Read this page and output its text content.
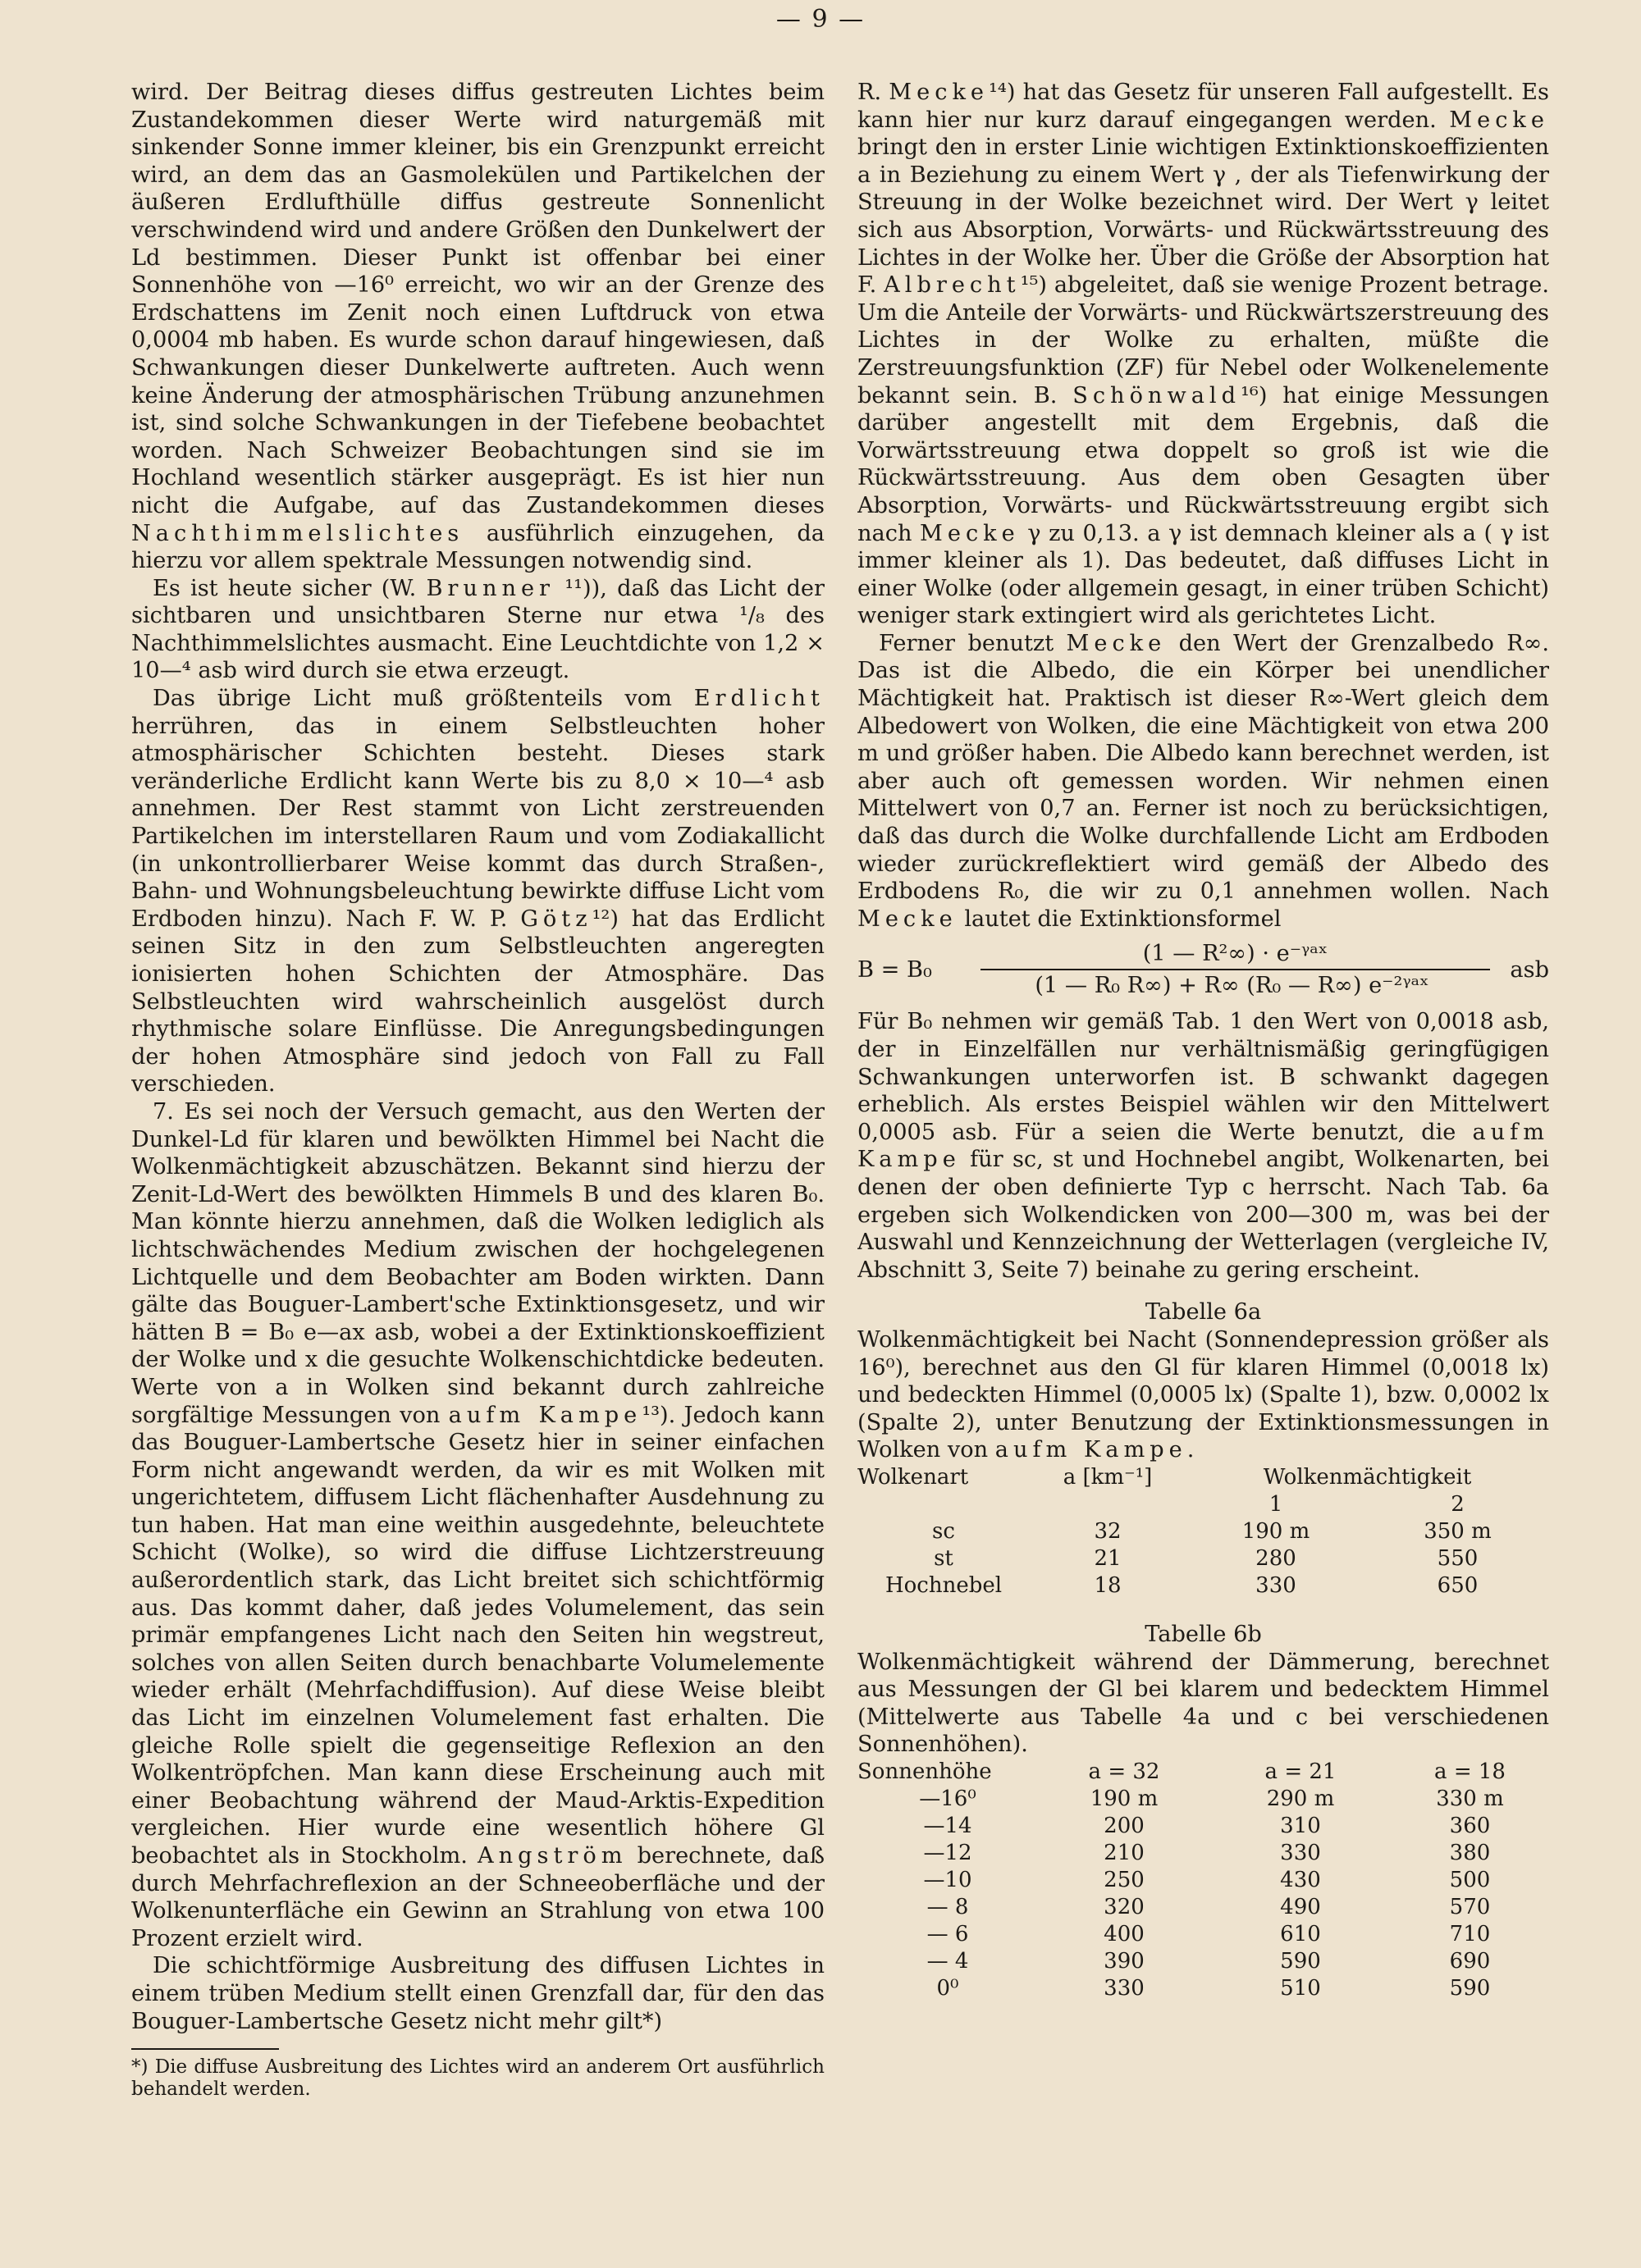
— 9 —

wird. Der Beitrag dieses diffus gestreuten Lichtes beim Zustandekommen dieser Werte wird naturgemäß mit sinkender Sonne immer kleiner, bis ein Grenzpunkt erreicht wird, an dem das an Gasmolekülen und Partikelchen der äußeren Erdlufthülle diffus gestreute Sonnenlicht verschwindend wird und andere Größen den Dunkelwert der Ld bestimmen. Dieser Punkt ist offenbar bei einer Sonnenhöhe von —16⁰ erreicht, wo wir an der Grenze des Erdschattens im Zenit noch einen Luftdruck von etwa 0,0004 mb haben. Es wurde schon darauf hingewiesen, daß Schwankungen dieser Dunkelwerte auftreten. Auch wenn keine Änderung der atmosphärischen Trübung anzunehmen ist, sind solche Schwankungen in der Tiefebene beobachtet worden. Nach Schweizer Beobachtungen sind sie im Hochland wesentlich stärker ausgeprägt. Es ist hier nun nicht die Aufgabe, auf das Zustandekommen dieses Nachthimmelslichtes ausführlich einzugehen, da hierzu vor allem spektrale Messungen notwendig sind.

Es ist heute sicher (W. Brunner ¹¹)), daß das Licht der sichtbaren und unsichtbaren Sterne nur etwa ¹/₈ des Nachthimmelslichtes ausmacht. Eine Leuchtdichte von 1,2 × 10—⁴ asb wird durch sie etwa erzeugt.

Das übrige Licht muß größtenteils vom Erdlicht herrühren, das in einem Selbstleuchten hoher atmosphärischer Schichten besteht. Dieses stark veränderliche Erdlicht kann Werte bis zu 8,0 × 10—⁴ asb annehmen. Der Rest stammt von Licht zerstreuenden Partikelchen im interstellaren Raum und vom Zodiakallicht (in unkontrollierbarer Weise kommt das durch Straßen-, Bahn- und Wohnungsbeleuchtung bewirkte diffuse Licht vom Erdboden hinzu). Nach F. W. P. Götz¹²) hat das Erdlicht seinen Sitz in den zum Selbstleuchten angeregten ionisierten hohen Schichten der Atmosphäre. Das Selbstleuchten wird wahrscheinlich ausgelöst durch rhythmische solare Einflüsse. Die Anregungsbedingungen der hohen Atmosphäre sind jedoch von Fall zu Fall verschieden.

7. Es sei noch der Versuch gemacht, aus den Werten der Dunkel-Ld für klaren und bewölkten Himmel bei Nacht die Wolkenmächtigkeit abzuschätzen. Bekannt sind hierzu der Zenit-Ld-Wert des bewölkten Himmels B und des klaren B₀. Man könnte hierzu annehmen, daß die Wolken lediglich als lichtschwächendes Medium zwischen der hochgelegenen Lichtquelle und dem Beobachter am Boden wirkten. Dann gälte das Bouguer-Lambert'sche Extinktionsgesetz, und wir hätten B = B₀ e—ax asb, wobei a der Extinktionskoeffizient der Wolke und x die gesuchte Wolkenschichtdicke bedeuten. Werte von a in Wolken sind bekannt durch zahlreiche sorgfältige Messungen von aufm Kampe¹³). Jedoch kann das Bouguer-Lambertsche Gesetz hier in seiner einfachen Form nicht angewandt werden, da wir es mit Wolken mit ungerichtetem, diffusem Licht flächenhafter Ausdehnung zu tun haben. Hat man eine weithin ausgedehnte, beleuchtete Schicht (Wolke), so wird die diffuse Lichtzerstreuung außerordentlich stark, das Licht breitet sich schichtförmig aus. Das kommt daher, daß jedes Volumelement, das sein primär empfangenes Licht nach den Seiten hin wegstreut, solches von allen Seiten durch benachbarte Volumelemente wieder erhält (Mehrfachdiffusion). Auf diese Weise bleibt das Licht im einzelnen Volumelement fast erhalten. Die gleiche Rolle spielt die gegenseitige Reflexion an den Wolkentröpfchen. Man kann diese Erscheinung auch mit einer Beobachtung während der Maud-Arktis-Expedition vergleichen. Hier wurde eine wesentlich höhere Gl beobachtet als in Stockholm. Angström berechnete, daß durch Mehrfachreflexion an der Schneeoberfläche und der Wolkenunterfläche ein Gewinn an Strahlung von etwa 100 Prozent erzielt wird.

Die schichtförmige Ausbreitung des diffusen Lichtes in einem trüben Medium stellt einen Grenzfall dar, für den das Bouguer-Lambertsche Gesetz nicht mehr gilt*)

*) Die diffuse Ausbreitung des Lichtes wird an anderem Ort ausführlich behandelt werden.

R. Mecke¹⁴) hat das Gesetz für unseren Fall aufgestellt. Es kann hier nur kurz darauf eingegangen werden. Mecke bringt den in erster Linie wichtigen Extinktionskoeffizienten a in Beziehung zu einem Wert γ , der als Tiefenwirkung der Streuung in der Wolke bezeichnet wird. Der Wert γ leitet sich aus Absorption, Vorwärts- und Rückwärtsstreuung des Lichtes in der Wolke her. Über die Größe der Absorption hat F. Albrecht¹⁵) abgeleitet, daß sie wenige Prozent betrage. Um die Anteile der Vorwärts- und Rückwärtszerstreuung des Lichtes in der Wolke zu erhalten, müßte die Zerstreuungsfunktion (ZF) für Nebel oder Wolkenelemente bekannt sein. B. Schönwald¹⁶) hat einige Messungen darüber angestellt mit dem Ergebnis, daß die Vorwärtsstreuung etwa doppelt so groß ist wie die Rückwärtsstreuung. Aus dem oben Gesagten über Absorption, Vorwärts- und Rückwärtsstreuung ergibt sich nach Mecke γ zu 0,13. a γ ist demnach kleiner als a ( γ ist immer kleiner als 1). Das bedeutet, daß diffuses Licht in einer Wolke (oder allgemein gesagt, in einer trüben Schicht) weniger stark extingiert wird als gerichtetes Licht.

Ferner benutzt Mecke den Wert der Grenzalbedo R∞. Das ist die Albedo, die ein Körper bei unendlicher Mächtigkeit hat. Praktisch ist dieser R∞-Wert gleich dem Albedowert von Wolken, die eine Mächtigkeit von etwa 200 m und größer haben. Die Albedo kann berechnet werden, ist aber auch oft gemessen worden. Wir nehmen einen Mittelwert von 0,7 an. Ferner ist noch zu berücksichtigen, daß das durch die Wolke durchfallende Licht am Erdboden wieder zurückreflektiert wird gemäß der Albedo des Erdbodens R₀, die wir zu 0,1 annehmen wollen. Nach Mecke lautet die Extinktionsformel

B = B₀	$\frac{\text{(1 — R²∞) · e⁻ᵞᵃˣ}}{\text{(1 — R₀ R∞) + R∞ (R₀ — R∞) e⁻²ᵞᵃˣ}}$	asb

Für B₀ nehmen wir gemäß Tab. 1 den Wert von 0,0018 asb, der in Einzelfällen nur verhältnismäßig geringfügigen Schwankungen unterworfen ist. B schwankt dagegen erheblich. Als erstes Beispiel wählen wir den Mittelwert 0,0005 asb. Für a seien die Werte benutzt, die aufm Kampe für sc, st und Hochnebel angibt, Wolkenarten, bei denen der oben definierte Typ c herrscht. Nach Tab. 6a ergeben sich Wolkendicken von 200—300 m, was bei der Auswahl und Kennzeichnung der Wetterlagen (vergleiche IV, Abschnitt 3, Seite 7) beinahe zu gering erscheint.

Tabelle 6a

Wolkenmächtigkeit bei Nacht (Sonnendepression größer als 16⁰), berechnet aus den Gl für klaren Himmel (0,0018 lx) und bedeckten Himmel (0,0005 lx) (Spalte 1), bzw. 0,0002 lx (Spalte 2), unter Benutzung der Extinktionsmessungen in Wolken von aufm Kampe.

Wolkenart	a [km⁻¹]	Wolkenmächtigkeit	
		1	2
sc	32	190 m	350 m
st	21	280	550
Hochnebel	18	330	650
Tabelle 6b

Wolkenmächtigkeit während der Dämmerung, berechnet aus Messungen der Gl bei klarem und bedecktem Himmel (Mittelwerte aus Tabelle 4a und c bei verschiedenen Sonnenhöhen).

Sonnenhöhe	a = 32	a = 21	a = 18
—16⁰	190 m	290 m	330 m
—14	200	310	360
—12	210	330	380
—10	250	430	500
— 8	320	490	570
— 6	400	610	710
— 4	390	590	690
0⁰	330	510	590
